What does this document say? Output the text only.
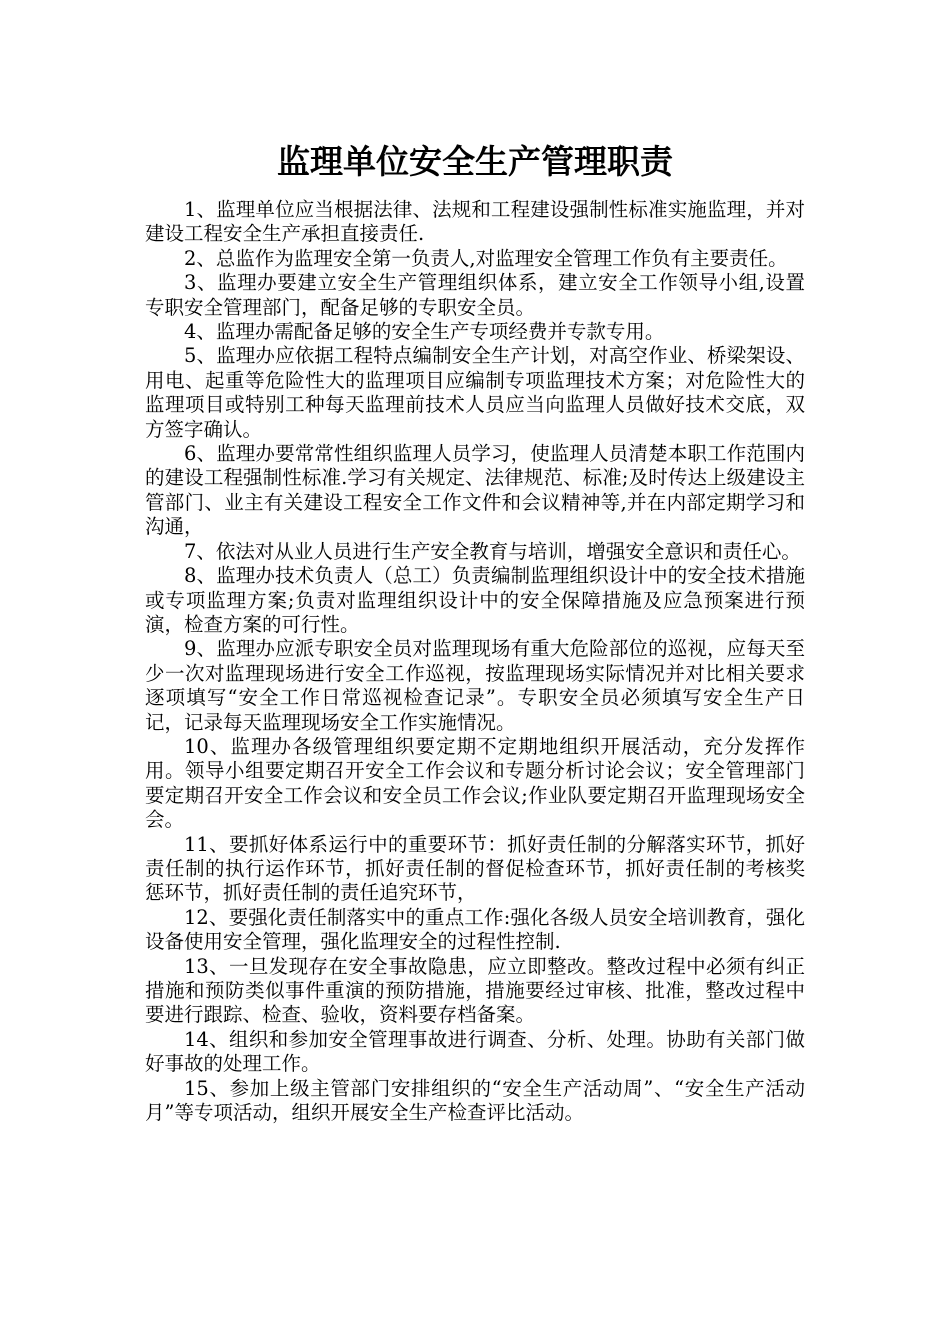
监理单位安全生产管理职责

1、监理单位应当根据法律、法规和工程建设强制性标准实施监理，并对建设工程安全生产承担直接责任.

2、总监作为监理安全第一负责人,对监理安全管理工作负有主要责任。

3、监理办要建立安全生产管理组织体系，建立安全工作领导小组,设置专职安全管理部门，配备足够的专职安全员。

4、监理办需配备足够的安全生产专项经费并专款专用。

5、监理办应依据工程特点编制安全生产计划，对高空作业、桥梁架设、用电、起重等危险性大的监理项目应编制专项监理技术方案；对危险性大的监理项目或特别工种每天监理前技术人员应当向监理人员做好技术交底，双方签字确认。

6、监理办要常常性组织监理人员学习，使监理人员清楚本职工作范围内的建设工程强制性标准.学习有关规定、法律规范、标准;及时传达上级建设主管部门、业主有关建设工程安全工作文件和会议精神等,并在内部定期学习和沟通，

7、依法对从业人员进行生产安全教育与培训，增强安全意识和责任心。

8、监理办技术负责人（总工）负责编制监理组织设计中的安全技术措施或专项监理方案;负责对监理组织设计中的安全保障措施及应急预案进行预演，检查方案的可行性。

9、监理办应派专职安全员对监理现场有重大危险部位的巡视，应每天至少一次对监理现场进行安全工作巡视，按监理现场实际情况并对比相关要求逐项填写“安全工作日常巡视检查记录”。专职安全员必须填写安全生产日记，记录每天监理现场安全工作实施情况。

10、监理办各级管理组织要定期不定期地组织开展活动，充分发挥作用。领导小组要定期召开安全工作会议和专题分析讨论会议；安全管理部门要定期召开安全工作会议和安全员工作会议;作业队要定期召开监理现场安全会。

11、要抓好体系运行中的重要环节：抓好责任制的分解落实环节，抓好责任制的执行运作环节，抓好责任制的督促检查环节，抓好责任制的考核奖惩环节，抓好责任制的责任追究环节，

12、要强化责任制落实中的重点工作:强化各级人员安全培训教育，强化设备使用安全管理，强化监理安全的过程性控制.

13、一旦发现存在安全事故隐患，应立即整改。整改过程中必须有纠正措施和预防类似事件重演的预防措施，措施要经过审核、批准，整改过程中要进行跟踪、检查、验收，资料要存档备案。

14、组织和参加安全管理事故进行调查、分析、处理。协助有关部门做好事故的处理工作。

15、参加上级主管部门安排组织的“安全生产活动周”、“安全生产活动月”等专项活动，组织开展安全生产检查评比活动。
